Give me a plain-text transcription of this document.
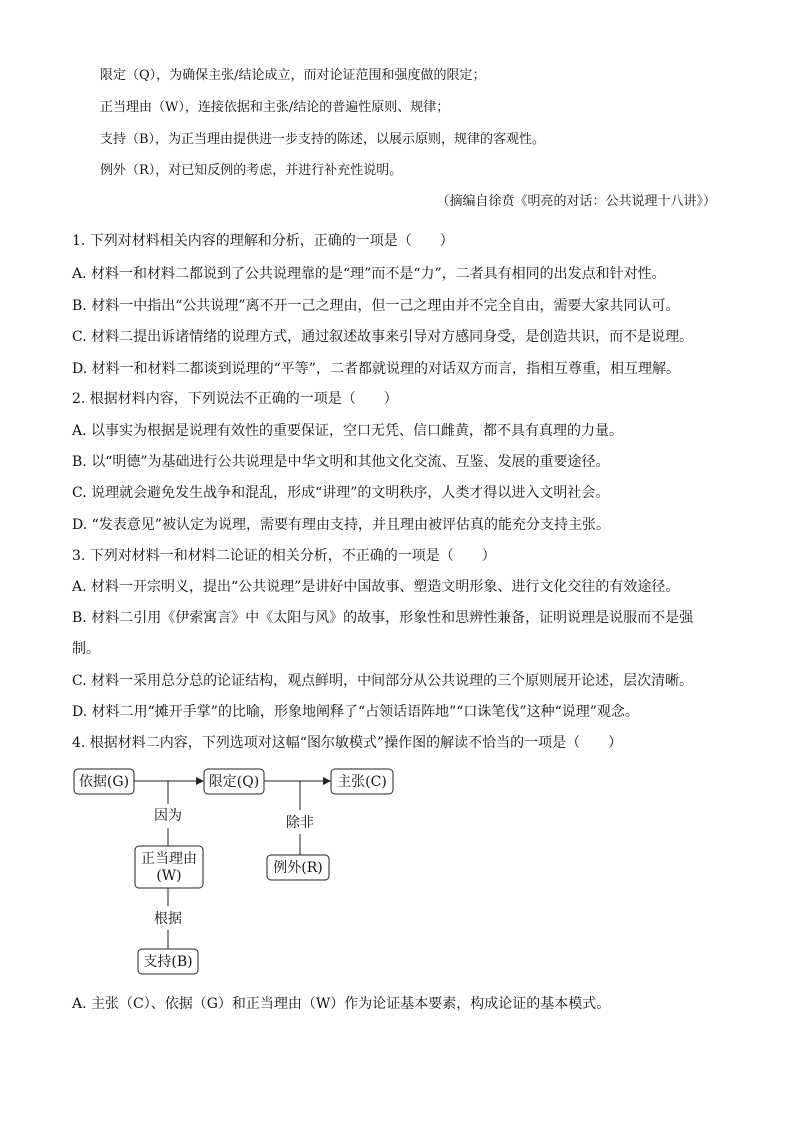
限定（Q），为确保主张/结论成立，而对论证范围和强度做的限定；
正当理由（W），连接依据和主张/结论的普遍性原则、规律；
支持（B），为正当理由提供进一步支持的陈述，以展示原则，规律的客观性。
例外（R），对已知反例的考虑，并进行补充性说明。
（摘编自徐贲《明亮的对话：公共说理十八讲》）
1. 下列对材料相关内容的理解和分析，正确的一项是（　　）
A. 材料一和材料二都说到了公共说理靠的是“理”而不是“力”，二者具有相同的出发点和针对性。
B. 材料一中指出“公共说理”离不开一己之理由，但一己之理由并不完全自由，需要大家共同认可。
C. 材料二提出诉诸情绪的说理方式，通过叙述故事来引导对方感同身受，是创造共识，而不是说理。
D. 材料一和材料二都谈到说理的“平等”，二者都就说理的对话双方而言，指相互尊重，相互理解。
2. 根据材料内容，下列说法不正确的一项是（　　）
A. 以事实为根据是说理有效性的重要保证，空口无凭、信口雌黄，都不具有真理的力量。
B. 以“明德”为基础进行公共说理是中华文明和其他文化交流、互鉴、发展的重要途径。
C. 说理就会避免发生战争和混乱，形成“讲理”的文明秩序，人类才得以进入文明社会。
D. “发表意见”被认定为说理，需要有理由支持，并且理由被评估真的能充分支持主张。
3. 下列对材料一和材料二论证的相关分析，不正确的一项是（　　）
A. 材料一开宗明义，提出“公共说理”是讲好中国故事、塑造文明形象、进行文化交往的有效途径。
B. 材料二引用《伊索寓言》中《太阳与风》的故事，形象性和思辨性兼备，证明说理是说服而不是强
制。
C. 材料一采用总分总的论证结构，观点鲜明，中间部分从公共说理的三个原则展开论述，层次清晰。
D. 材料二用“摊开手掌”的比喻，形象地阐释了“占领话语阵地”“口诛笔伐”这种“说理”观念。
4. 根据材料二内容，下列选项对这幅“图尔敏模式”操作图的解读不恰当的一项是（　　）
依据(G)	限定(Q)	主张(C)
因为
正当理由
(W)
根据
支持(B)
除非
例外(R)
A. 主张（C）、依据（G）和正当理由（W）作为论证基本要素，构成论证的基本模式。
